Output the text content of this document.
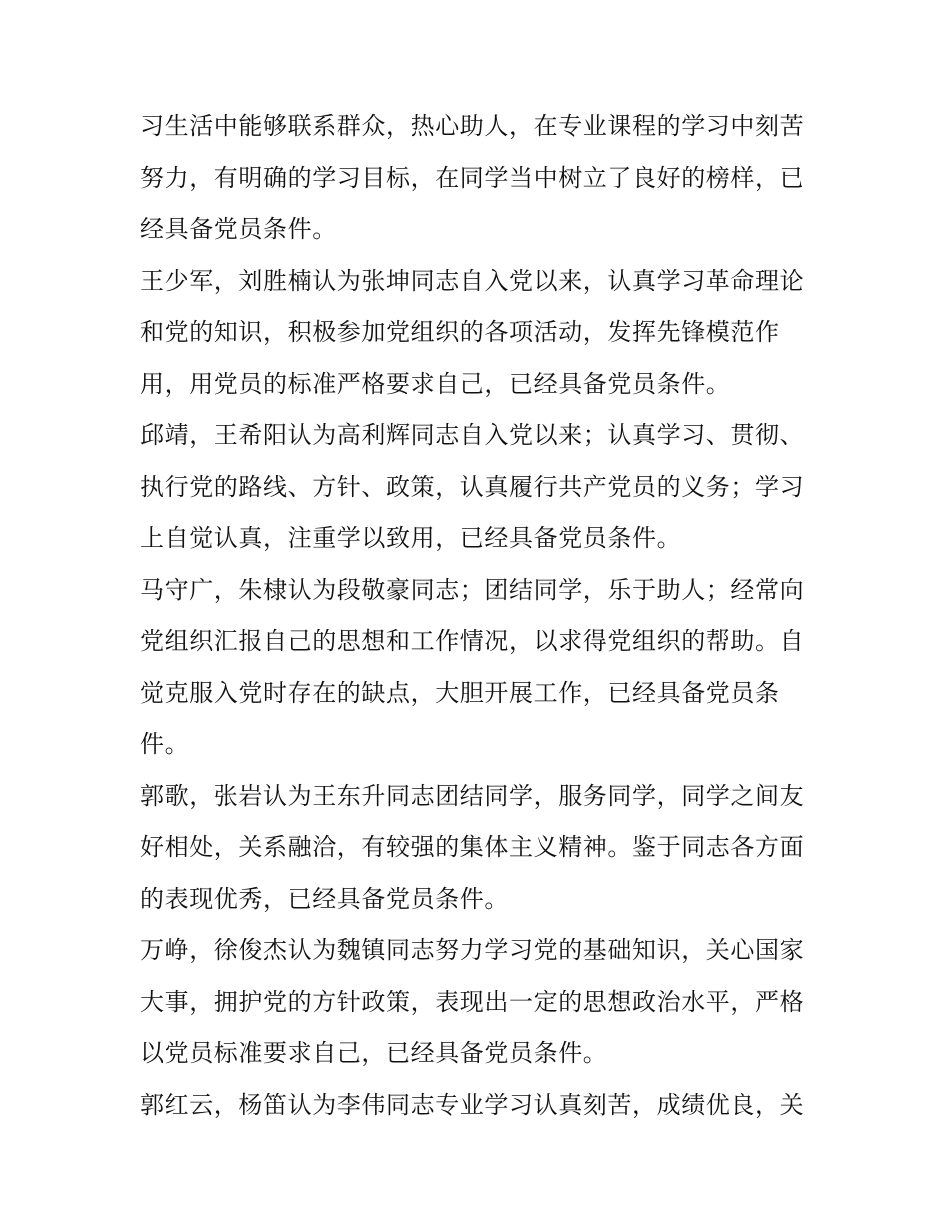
习生活中能够联系群众，热心助人，在专业课程的学习中刻苦
努力，有明确的学习目标，在同学当中树立了良好的榜样，已
经具备党员条件。
王少军，刘胜楠认为张坤同志自入党以来，认真学习革命理论
和党的知识，积极参加党组织的各项活动，发挥先锋模范作
用，用党员的标准严格要求自己，已经具备党员条件。
邱靖，王希阳认为高利辉同志自入党以来；认真学习、贯彻、
执行党的路线、方针、政策，认真履行共产党员的义务；学习
上自觉认真，注重学以致用，已经具备党员条件。
马守广，朱棣认为段敬豪同志；团结同学，乐于助人；经常向
党组织汇报自己的思想和工作情况，以求得党组织的帮助。自
觉克服入党时存在的缺点，大胆开展工作，已经具备党员条
件。
郭歌，张岩认为王东升同志团结同学，服务同学，同学之间友
好相处，关系融洽，有较强的集体主义精神。鉴于同志各方面
的表现优秀，已经具备党员条件。
万峥，徐俊杰认为魏镇同志努力学习党的基础知识，关心国家
大事，拥护党的方针政策，表现出一定的思想政治水平，严格
以党员标准要求自己，已经具备党员条件。
郭红云，杨笛认为李伟同志专业学习认真刻苦，成绩优良，关
